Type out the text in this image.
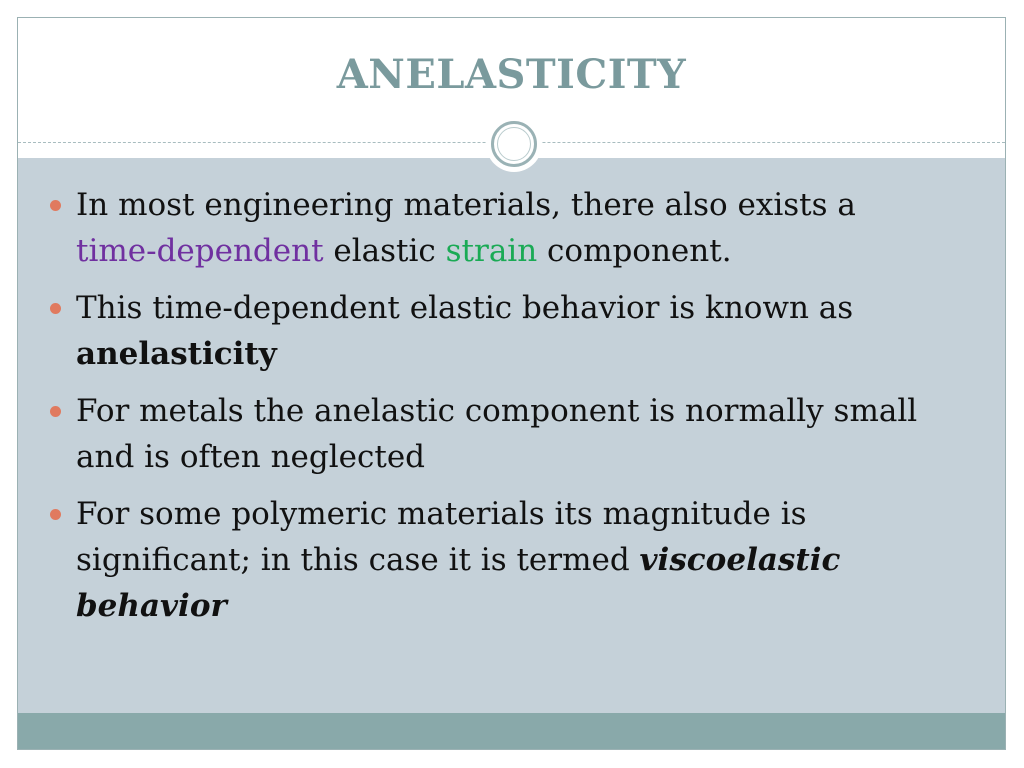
ANELASTICITY
In most engineering materials, there also exists a time-dependent elastic strain component.
This time-dependent elastic behavior is known as anelasticity
For metals the anelastic component is normally small and is often neglected
For some polymeric materials its magnitude is significant; in this case it is termed viscoelastic behavior
